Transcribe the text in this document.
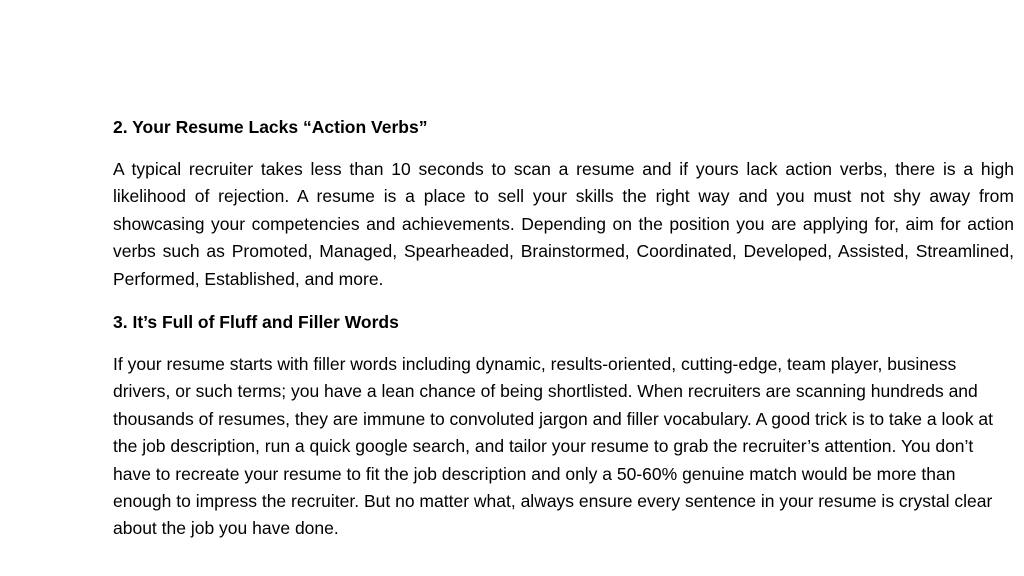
2. Your Resume Lacks “Action Verbs”

A typical recruiter takes less than 10 seconds to scan a resume and if yours lack action verbs, there is a high likelihood of rejection. A resume is a place to sell your skills the right way and you must not shy away from showcasing your competencies and achievements. Depending on the position you are applying for, aim for action verbs such as Promoted, Managed, Spearheaded, Brainstormed, Coordinated, Developed, Assisted, Streamlined, Performed, Established, and more.

3. It’s Full of Fluff and Filler Words

If your resume starts with filler words including dynamic, results-oriented, cutting-edge, team player, business drivers, or such terms; you have a lean chance of being shortlisted. When recruiters are scanning hundreds and thousands of resumes, they are immune to convoluted jargon and filler vocabulary. A good trick is to take a look at the job description, run a quick google search, and tailor your resume to grab the recruiter’s attention. You don’t have to recreate your resume to fit the job description and only a 50-60% genuine match would be more than enough to impress the recruiter. But no matter what, always ensure every sentence in your resume is crystal clear about the job you have done.
